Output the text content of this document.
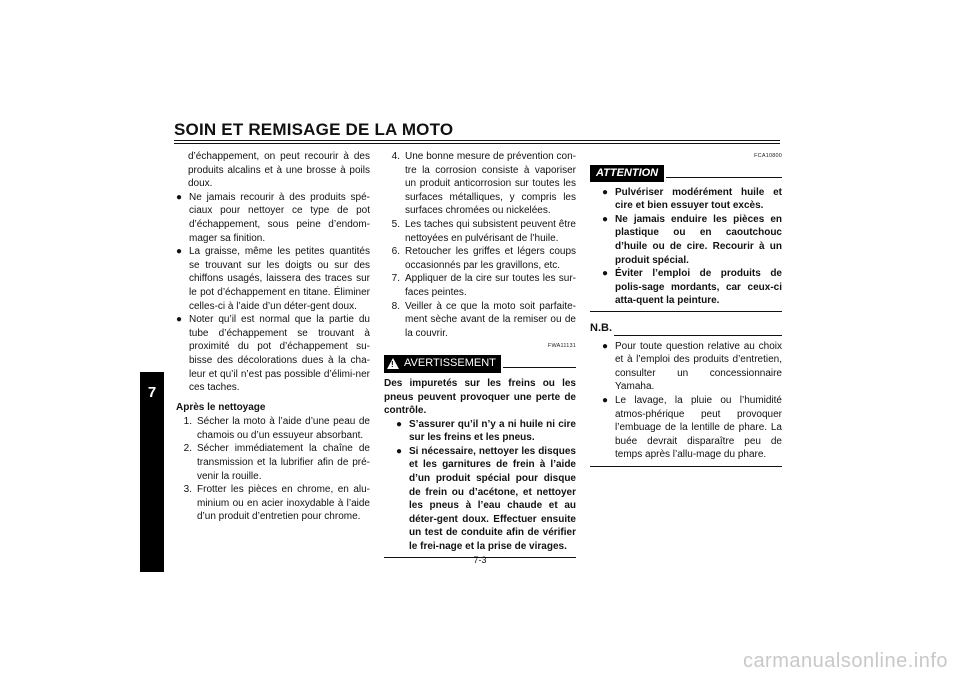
SOIN ET REMISAGE DE LA MOTO
7

d’échappement, on peut recourir à des produits alcalins et à une brosse à poils doux.

● Ne jamais recourir à des produits spé-ciaux pour nettoyer ce type de pot d’échappement, sous peine d’endom-mager sa finition.
● La graisse, même les petites quantités se trouvant sur les doigts ou sur des chiffons usagés, laissera des traces sur le pot d’échappement en titane. Éliminer celles-ci à l’aide d’un déter-gent doux.
● Noter qu’il est normal que la partie du tube d’échappement se trouvant à proximité du pot d’échappement su-bisse des décolorations dues à la cha-leur et qu’il n’est pas possible d’élimi-ner ces taches.

Après le nettoyage

1. Sécher la moto à l’aide d’une peau de chamois ou d’un essuyeur absorbant.
2. Sécher immédiatement la chaîne de transmission et la lubrifier afin de pré-venir la rouille.
3. Frotter les pièces en chrome, en alu-minium ou en acier inoxydable à l’aide d’un produit d’entretien pour chrome.
4. Une bonne mesure de prévention con-tre la corrosion consiste à vaporiser un produit anticorrosion sur toutes les surfaces métalliques, y compris les surfaces chromées ou nickelées.
5. Les taches qui subsistent peuvent être nettoyées en pulvérisant de l’huile.
6. Retoucher les griffes et légers coups occasionnés par les gravillons, etc.
7. Appliquer de la cire sur toutes les sur-faces peintes.
8. Veiller à ce que la moto soit parfaite-ment sèche avant de la remiser ou de la couvrir.

FWA11131

! AVERTISSEMENT

Des impuretés sur les freins ou les pneus peuvent provoquer une perte de contrôle.

● S’assurer qu’il n’y a ni huile ni cire sur les freins et les pneus.
● Si nécessaire, nettoyer les disques et les garnitures de frein à l’aide d’un produit spécial pour disque de frein ou d’acétone, et nettoyer les pneus à l’eau chaude et au déter-gent doux. Effectuer ensuite un test de conduite afin de vérifier le frei-nage et la prise de virages.

FCA10800

ATTENTION
● Pulvériser modérément huile et cire et bien essuyer tout excès.
● Ne jamais enduire les pièces en plastique ou en caoutchouc d’huile ou de cire. Recourir à un produit spécial.
● Éviter l’emploi de produits de polis-sage mordants, car ceux-ci atta-quent la peinture.
N.B.
● Pour toute question relative au choix et à l’emploi des produits d’entretien, consulter un concessionnaire Yamaha.
● Le lavage, la pluie ou l’humidité atmos-phérique peut provoquer l’embuage de la lentille de phare. La buée devrait disparaître peu de temps après l’allu-mage du phare.
7-3
carmanualsonline.info
